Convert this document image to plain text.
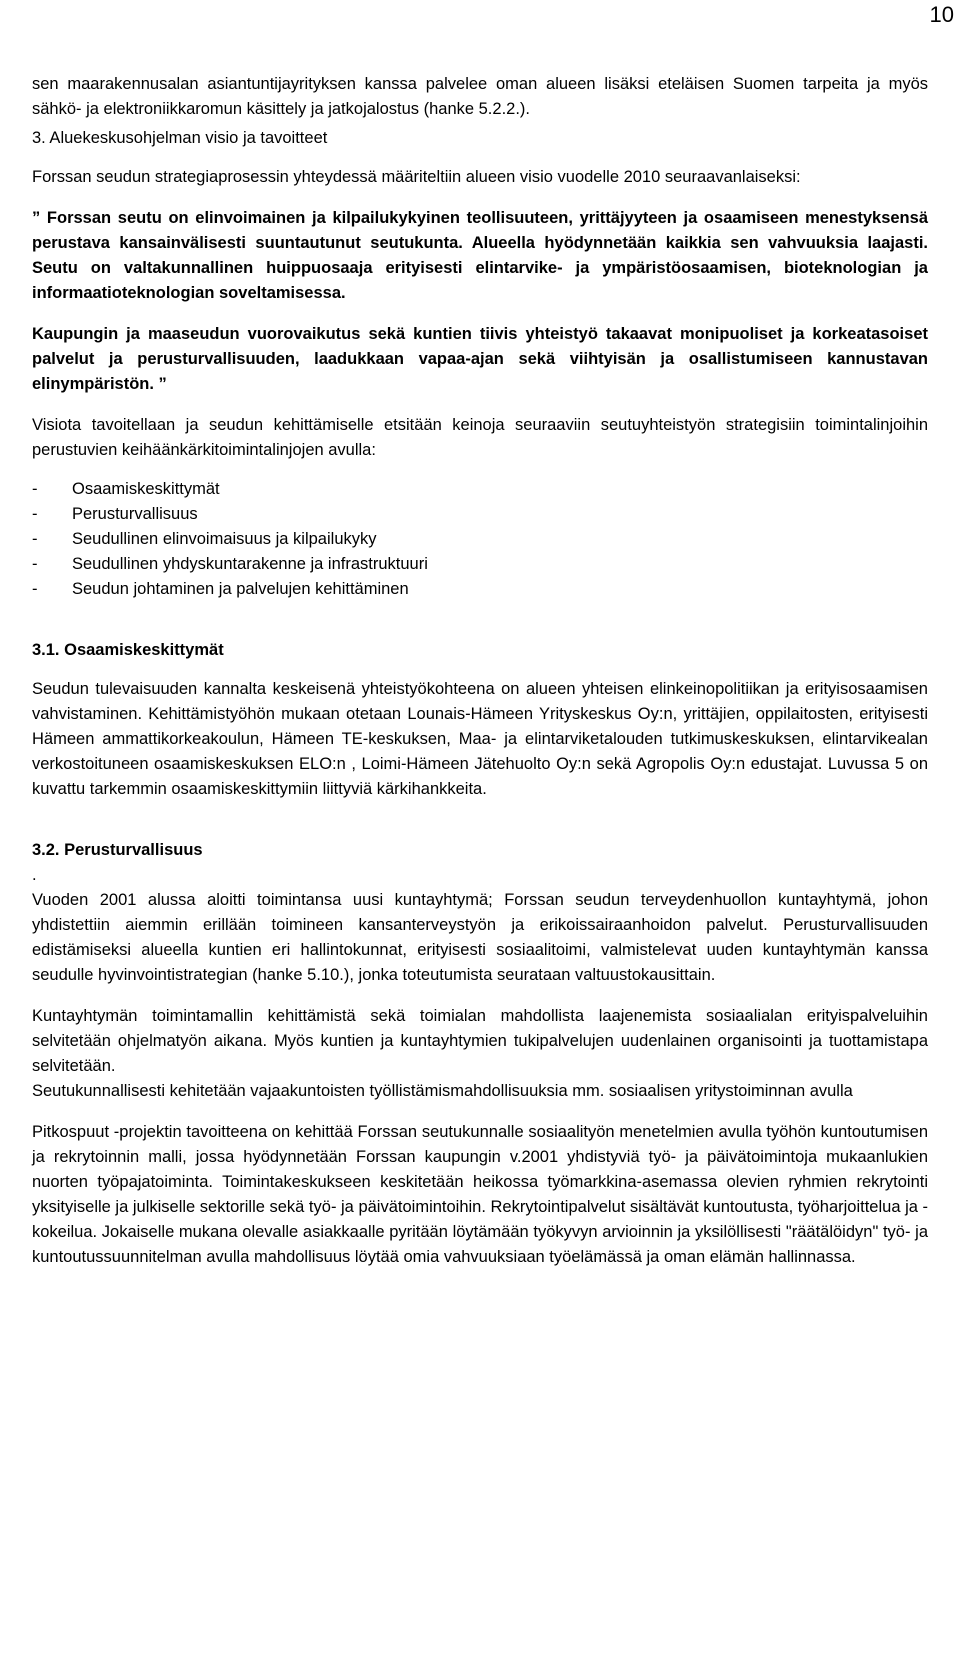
10

sen maarakennusalan asiantuntijayrityksen kanssa palvelee oman alueen lisäksi eteläisen Suomen tarpeita ja myös sähkö- ja elektroniikkaromun käsittely ja jatkojalostus (hanke 5.2.2.).

3. Aluekeskusohjelman visio ja tavoitteet

Forssan seudun strategiaprosessin yhteydessä määriteltiin alueen visio vuodelle 2010 seuraavanlaiseksi:

” Forssan seutu on elinvoimainen ja kilpailukykyinen teollisuuteen, yrittäjyyteen ja osaamiseen menestyksensä perustava kansainvälisesti suuntautunut seutukunta. Alueella hyödynnetään kaikkia sen vahvuuksia laajasti. Seutu on valtakunnallinen huippuosaaja erityisesti elintarvike- ja ympäristöosaamisen, bioteknologian ja informaatioteknologian soveltamisessa.

Kaupungin ja maaseudun vuorovaikutus sekä kuntien tiivis yhteistyö takaavat monipuoliset ja korkeatasoiset palvelut ja perusturvallisuuden, laadukkaan vapaa-ajan sekä viihtyisän ja osallistumiseen kannustavan elinympäristön. ”

Visiota tavoitellaan ja seudun kehittämiselle etsitään keinoja seuraaviin seutuyhteistyön strategisiin toimintalinjoihin perustuvien keihäänkärkitoimintalinjojen avulla:

-	Osaamiskeskittymät
-	Perusturvallisuus
-	Seudullinen elinvoimaisuus ja kilpailukyky
-	Seudullinen yhdyskuntarakenne ja infrastruktuuri
-	Seudun johtaminen ja palvelujen kehittäminen

3.1. Osaamiskeskittymät

Seudun tulevaisuuden kannalta keskeisenä yhteistyökohteena on alueen yhteisen elinkeinopolitiikan ja erityisosaamisen vahvistaminen. Kehittämistyöhön mukaan otetaan Lounais-Hämeen Yrityskeskus Oy:n, yrittäjien, oppilaitosten, erityisesti Hämeen ammattikorkeakoulun, Hämeen TE-keskuksen, Maa- ja elintarviketalouden tutkimuskeskuksen, elintarvikealan verkostoituneen osaamiskeskuksen ELO:n , Loimi-Hämeen Jätehuolto Oy:n sekä Agropolis Oy:n edustajat. Luvussa 5 on kuvattu tarkemmin osaamiskeskittymiin liittyviä kärkihankkeita.

3.2. Perusturvallisuus

.

Vuoden 2001 alussa aloitti toimintansa uusi kuntayhtymä; Forssan seudun terveydenhuollon kuntayhtymä, johon yhdistettiin aiemmin erillään toimineen kansanterveystyön ja erikoissairaanhoidon palvelut. Perusturvallisuuden edistämiseksi alueella kuntien eri hallintokunnat, erityisesti sosiaalitoimi, valmistelevat uuden kuntayhtymän kanssa seudulle hyvinvointistrategian (hanke 5.10.), jonka toteutumista seurataan valtuustokausittain.

Kuntayhtymän toimintamallin kehittämistä sekä toimialan mahdollista laajenemista sosiaalialan erityispalveluihin selvitetään ohjelmatyön aikana. Myös kuntien ja kuntayhtymien tukipalvelujen uudenlainen organisointi ja tuottamistapa selvitetään.

Seutukunnallisesti kehitetään vajaakuntoisten työllistämismahdollisuuksia mm. sosiaalisen yritystoiminnan avulla

Pitkospuut -projektin tavoitteena on kehittää Forssan seutukunnalle sosiaalityön menetelmien avulla työhön kuntoutumisen ja rekrytoinnin malli, jossa hyödynnetään Forssan kaupungin v.2001 yhdistyviä työ- ja päivätoimintoja mukaanlukien nuorten työpajatoiminta. Toimintakeskukseen keskitetään heikossa työmarkkina-asemassa olevien ryhmien rekrytointi yksityiselle ja julkiselle sektorille sekä työ- ja päivätoimintoihin. Rekrytointipalvelut sisältävät kuntoutusta, työharjoittelua ja -kokeilua. Jokaiselle mukana olevalle asiakkaalle pyritään löytämään työkyvyn arvioinnin ja yksilöllisesti "räätälöidyn" työ- ja kuntoutussuunnitelman avulla mahdollisuus löytää omia vahvuuksiaan työelämässä ja oman elämän hallinnassa.
